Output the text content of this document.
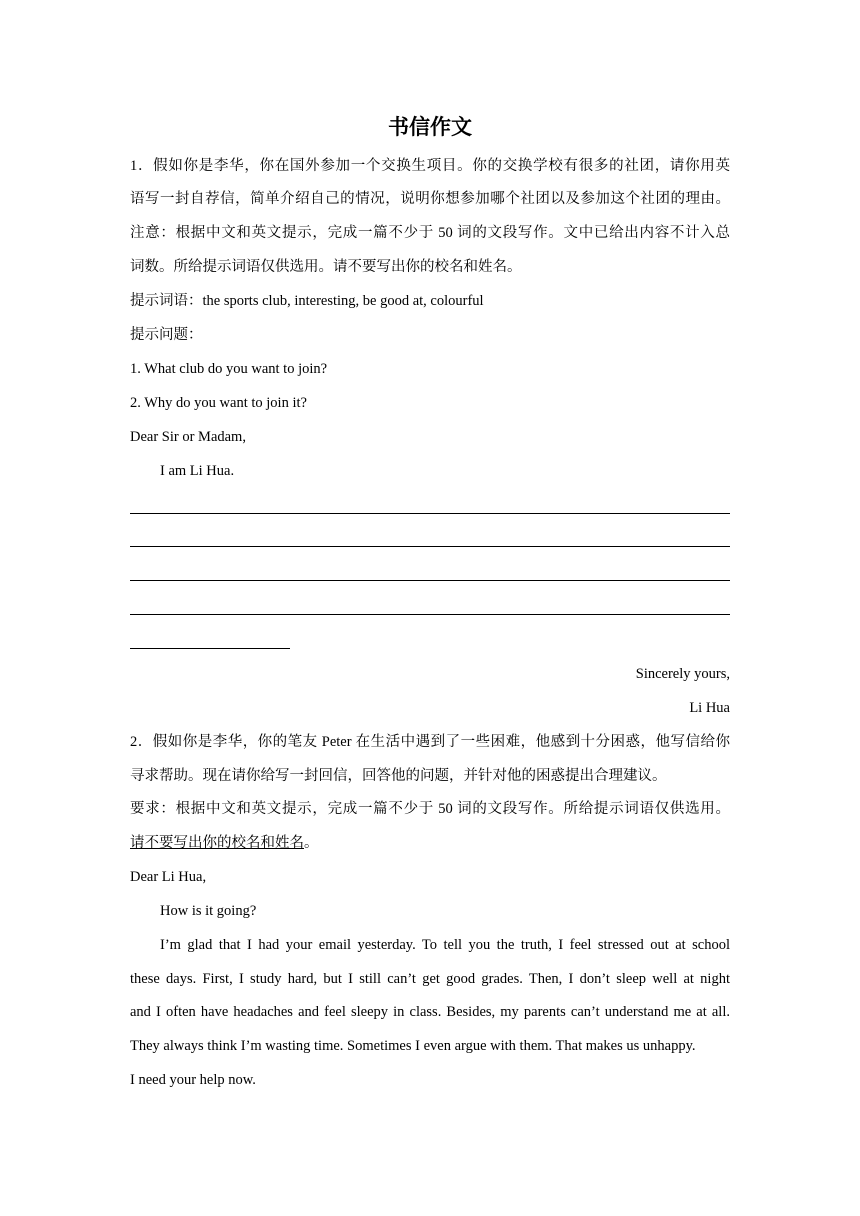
书信作文
1．假如你是李华，你在国外参加一个交换生项目。你的交换学校有很多的社团，请你用英
语写一封自荐信，简单介绍自己的情况，说明你想参加哪个社团以及参加这个社团的理由。
注意：根据中文和英文提示，完成一篇不少于 50 词的文段写作。文中已给出内容不计入总
词数。所给提示词语仅供选用。请不要写出你的校名和姓名。
提示词语：the sports club, interesting, be good at, colourful
提示问题：
1. What club do you want to join?
2. Why do you want to join it?
Dear Sir or Madam,
I am Li Hua.
Sincerely yours,
Li Hua
2．假如你是李华，你的笔友 Peter 在生活中遇到了一些困难，他感到十分困惑，他写信给你
寻求帮助。现在请你给写一封回信，回答他的问题，并针对他的困惑提出合理建议。
要求：根据中文和英文提示，完成一篇不少于 50 词的文段写作。所给提示词语仅供选用。
请不要写出你的校名和姓名。
Dear Li Hua,
How is it going?
I’m glad that I had your email yesterday. To tell you the truth, I feel stressed out at school
these days. First, I study hard, but I still can’t get good grades. Then, I don’t sleep well at night
and I often have headaches and feel sleepy in class. Besides, my parents can’t understand me at all.
They always think I’m wasting time. Sometimes I even argue with them. That makes us unhappy.
I need your help now.
